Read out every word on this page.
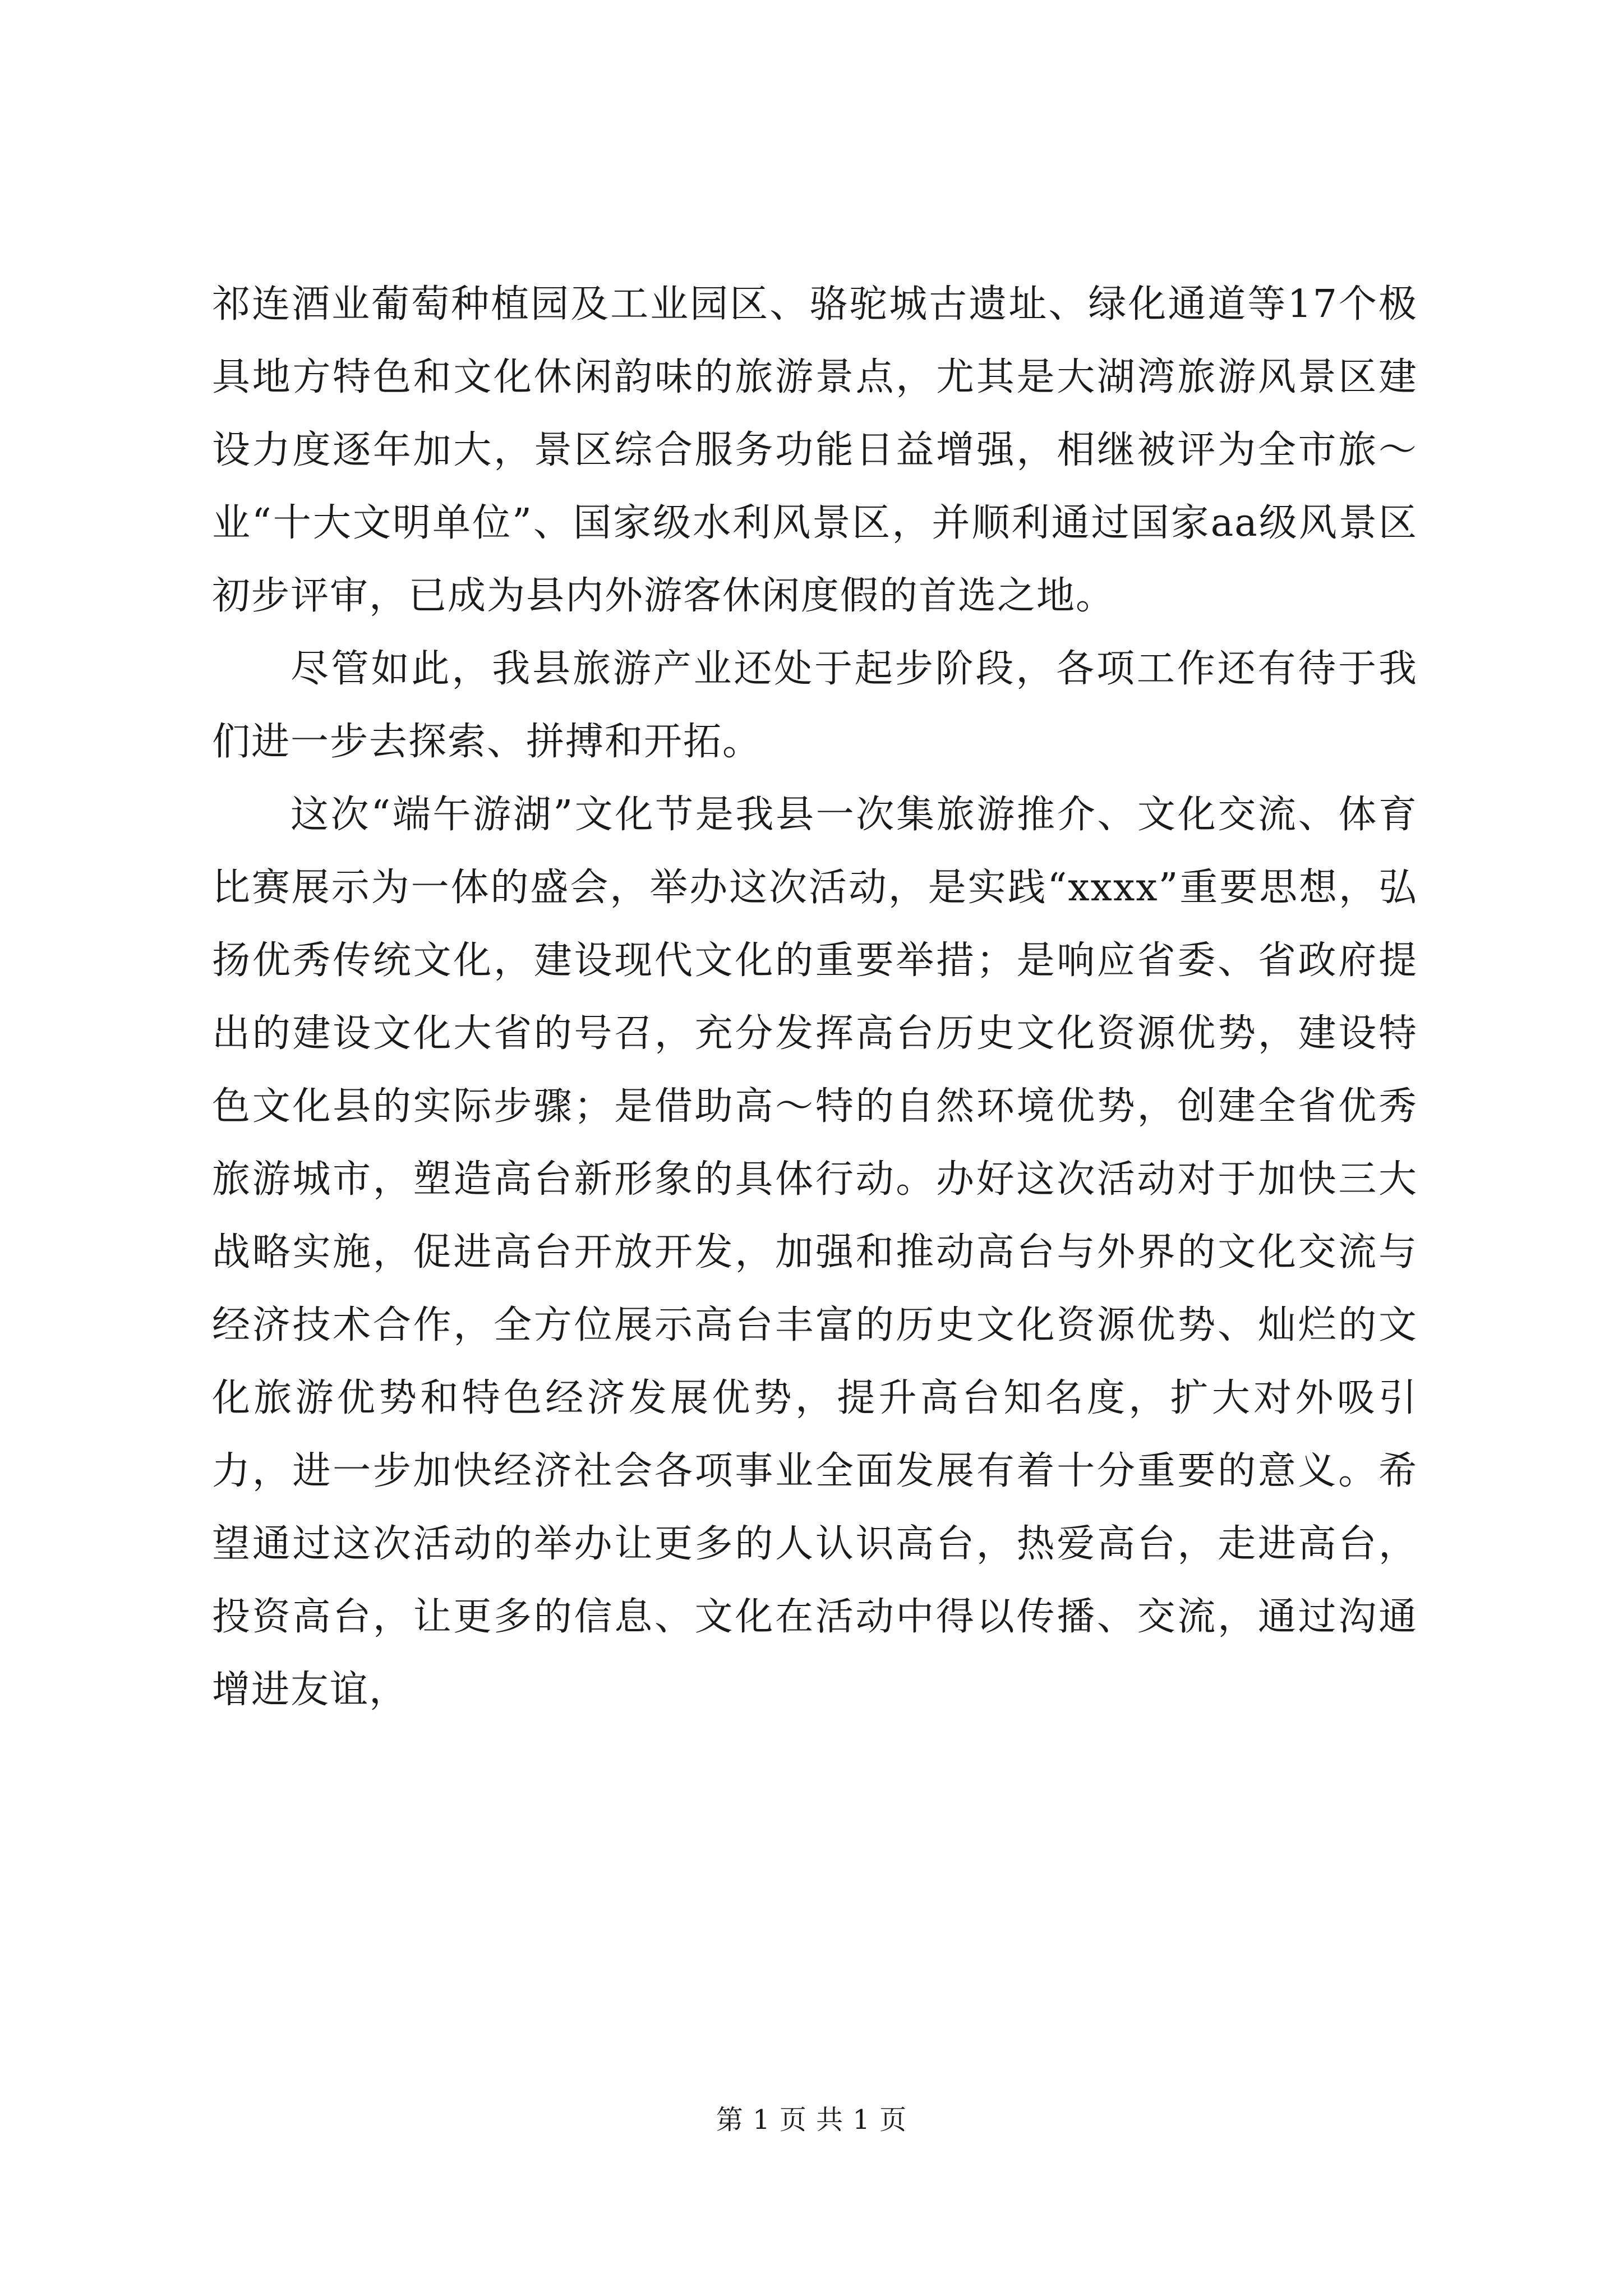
祁连酒业葡萄种植园及工业园区、骆驼城古遗址、绿化通道等17个极具地方特色和文化休闲韵味的旅游景点，尤其是大湖湾旅游风景区建设力度逐年加大，景区综合服务功能日益增强，相继被评为全市旅～业“十大文明单位”、国家级水利风景区，并顺利通过国家aa级风景区初步评审，已成为县内外游客休闲度假的首选之地。

尽管如此，我县旅游产业还处于起步阶段，各项工作还有待于我们进一步去探索、拼搏和开拓。

这次“端午游湖”文化节是我县一次集旅游推介、文化交流、体育比赛展示为一体的盛会，举办这次活动，是实践“xxxx”重要思想，弘扬优秀传统文化，建设现代文化的重要举措；是响应省委、省政府提出的建设文化大省的号召，充分发挥高台历史文化资源优势，建设特色文化县的实际步骤；是借助高～特的自然环境优势，创建全省优秀旅游城市，塑造高台新形象的具体行动。办好这次活动对于加快三大战略实施，促进高台开放开发，加强和推动高台与外界的文化交流与经济技术合作，全方位展示高台丰富的历史文化资源优势、灿烂的文化旅游优势和特色经济发展优势，提升高台知名度，扩大对外吸引力，进一步加快经济社会各项事业全面发展有着十分重要的意义。希望通过这次活动的举办让更多的人认识高台，热爱高台，走进高台，投资高台，让更多的信息、文化在活动中得以传播、交流，通过沟通增进友谊，

第 1 页 共 1 页
